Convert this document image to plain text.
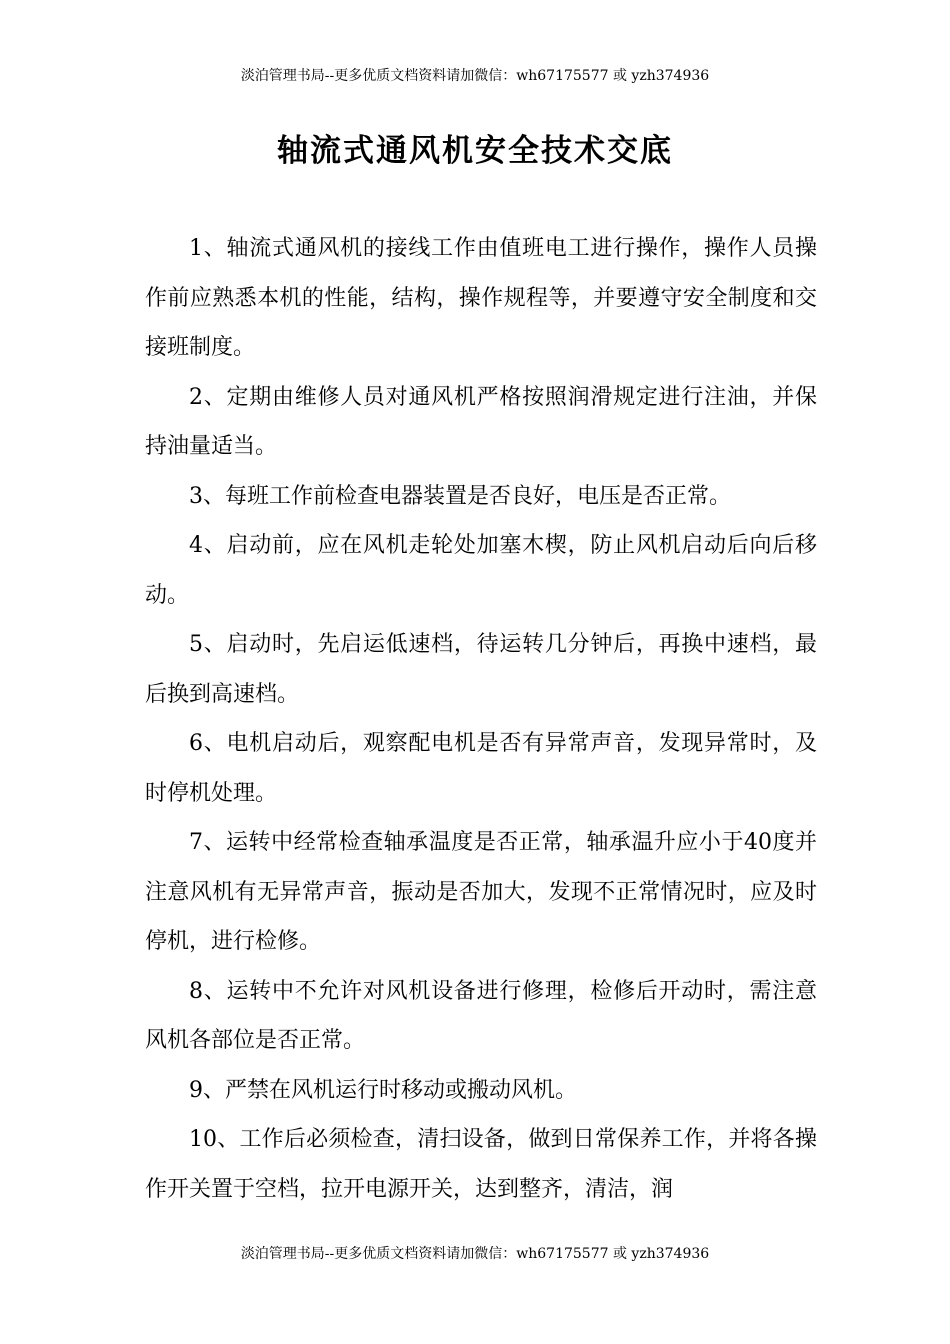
淡泊管理书局--更多优质文档资料请加微信：wh67175577 或 yzh374936
轴流式通风机安全技术交底

1、轴流式通风机的接线工作由值班电工进行操作，操作人员操作前应熟悉本机的性能，结构，操作规程等，并要遵守安全制度和交接班制度。

2、定期由维修人员对通风机严格按照润滑规定进行注油，并保持油量适当。

3、每班工作前检查电器装置是否良好，电压是否正常。

4、启动前，应在风机走轮处加塞木楔，防止风机启动后向后移动。

5、启动时，先启运低速档，待运转几分钟后，再换中速档，最后换到高速档。

6、电机启动后，观察配电机是否有异常声音，发现异常时，及时停机处理。

7、运转中经常检查轴承温度是否正常，轴承温升应小于40度并注意风机有无异常声音，振动是否加大，发现不正常情况时，应及时停机，进行检修。

8、运转中不允许对风机设备进行修理，检修后开动时，需注意风机各部位是否正常。

9、严禁在风机运行时移动或搬动风机。

10、工作后必须检查，清扫设备，做到日常保养工作，并将各操作开关置于空档，拉开电源开关，达到整齐，清洁，润

淡泊管理书局--更多优质文档资料请加微信：wh67175577 或 yzh374936
